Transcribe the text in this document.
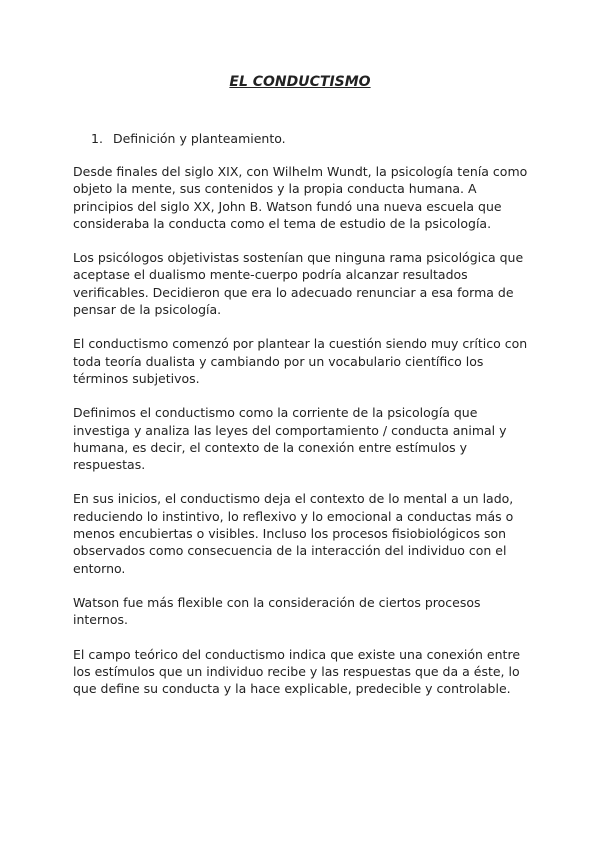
EL CONDUCTISMO
1. Definición y planteamiento.

Desde finales del siglo XIX, con Wilhelm Wundt, la psicología tenía como objeto la mente, sus contenidos y la propia conducta humana. A principios del siglo XX, John B. Watson fundó una nueva escuela que consideraba la conducta como el tema de estudio de la psicología.

Los psicólogos objetivistas sostenían que ninguna rama psicológica que aceptase el dualismo mente-cuerpo podría alcanzar resultados verificables. Decidieron que era lo adecuado renunciar a esa forma de pensar de la psicología.

El conductismo comenzó por plantear la cuestión siendo muy crítico con toda teoría dualista y cambiando por un vocabulario científico los términos subjetivos.

Definimos el conductismo como la corriente de la psicología que investiga y analiza las leyes del comportamiento / conducta animal y humana, es decir, el contexto de la conexión entre estímulos y respuestas.

En sus inicios, el conductismo deja el contexto de lo mental a un lado, reduciendo lo instintivo, lo reflexivo y lo emocional a conductas más o menos encubiertas o visibles. Incluso los procesos fisiobiológicos son observados como consecuencia de la interacción del individuo con el entorno.

Watson fue más flexible con la consideración de ciertos procesos internos.

El campo teórico del conductismo indica que existe una conexión entre los estímulos que un individuo recibe y las respuestas que da a éste, lo que define su conducta y la hace explicable, predecible y controlable.
